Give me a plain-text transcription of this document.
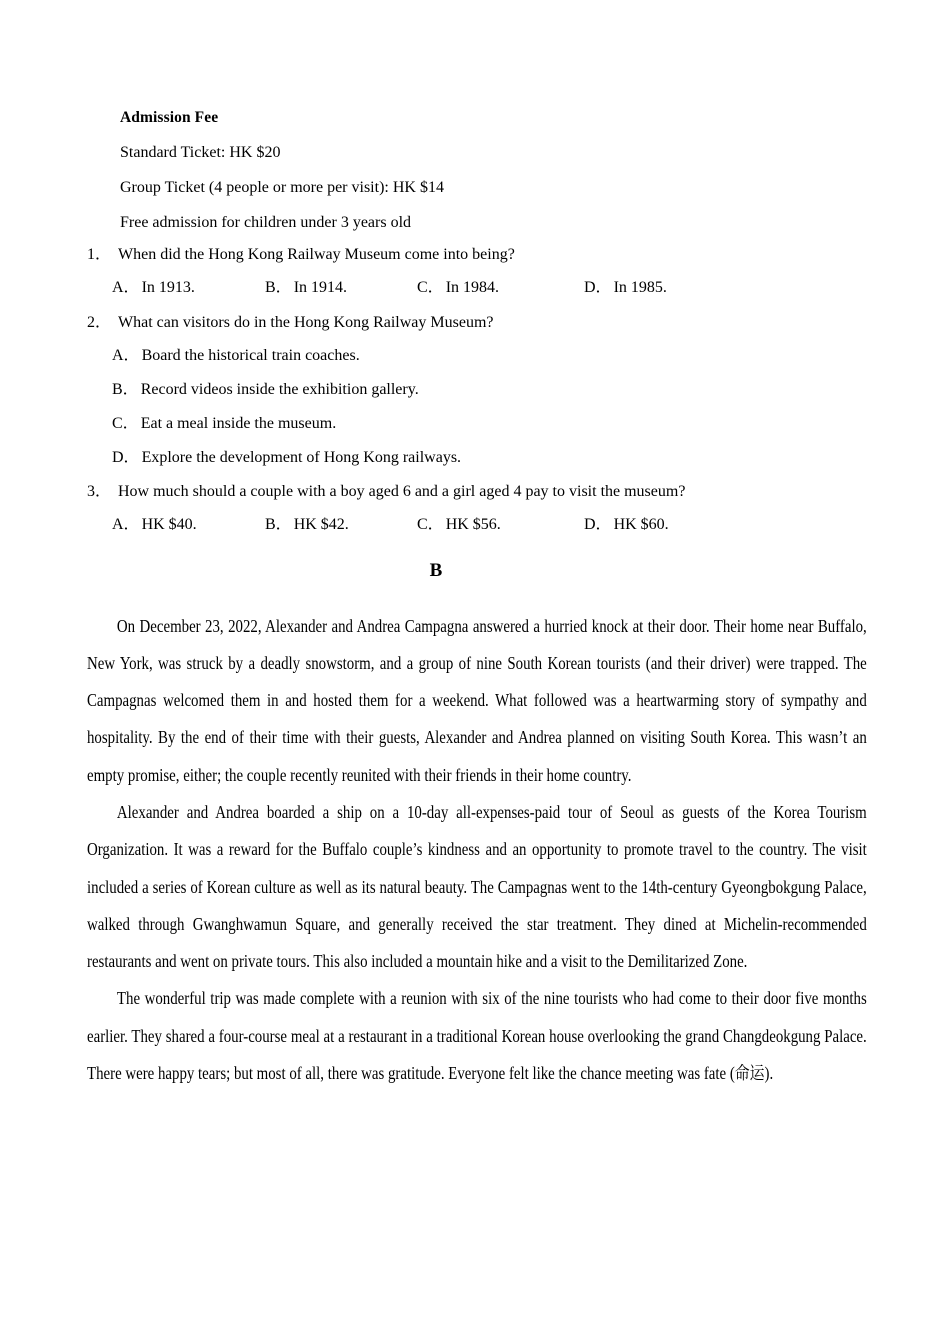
Admission Fee
Standard Ticket: HK $20
Group Ticket (4 people or more per visit): HK $14
Free admission for children under 3 years old
1． When did the Hong Kong Railway Museum come into being?
A． In 1913.	B． In 1914.	C． In 1984.	D． In 1985.
2． What can visitors do in the Hong Kong Railway Museum?
A． Board the historical train coaches.
B． Record videos inside the exhibition gallery.
C． Eat a meal inside the museum.
D． Explore the development of Hong Kong railways.
3． How much should a couple with a boy aged 6 and a girl aged 4 pay to visit the museum?
A． HK $40.	B． HK $42.	C． HK $56.	D． HK $60.
B

On December 23, 2022, Alexander and Andrea Campagna answered a hurried knock at their door. Their home near Buffalo, New York, was struck by a deadly snowstorm, and a group of nine South Korean tourists (and their driver) were trapped. The Campagnas welcomed them in and hosted them for a weekend. What followed was a heartwarming story of sympathy and hospitality. By the end of their time with their guests, Alexander and Andrea planned on visiting South Korea. This wasn’t an empty promise, either; the couple recently reunited with their friends in their home country.

Alexander and Andrea boarded a ship on a 10-day all-expenses-paid tour of Seoul as guests of the Korea Tourism Organization. It was a reward for the Buffalo couple’s kindness and an opportunity to promote travel to the country. The visit included a series of Korean culture as well as its natural beauty. The Campagnas went to the 14th-century Gyeongbokgung Palace, walked through Gwanghwamun Square, and generally received the star treatment. They dined at Michelin-recommended restaurants and went on private tours. This also included a mountain hike and a visit to the Demilitarized Zone.

The wonderful trip was made complete with a reunion with six of the nine tourists who had come to their door five months earlier. They shared a four-course meal at a restaurant in a traditional Korean house overlooking the grand Changdeokgung Palace. There were happy tears; but most of all, there was gratitude. Everyone felt like the chance meeting was fate (命运).
